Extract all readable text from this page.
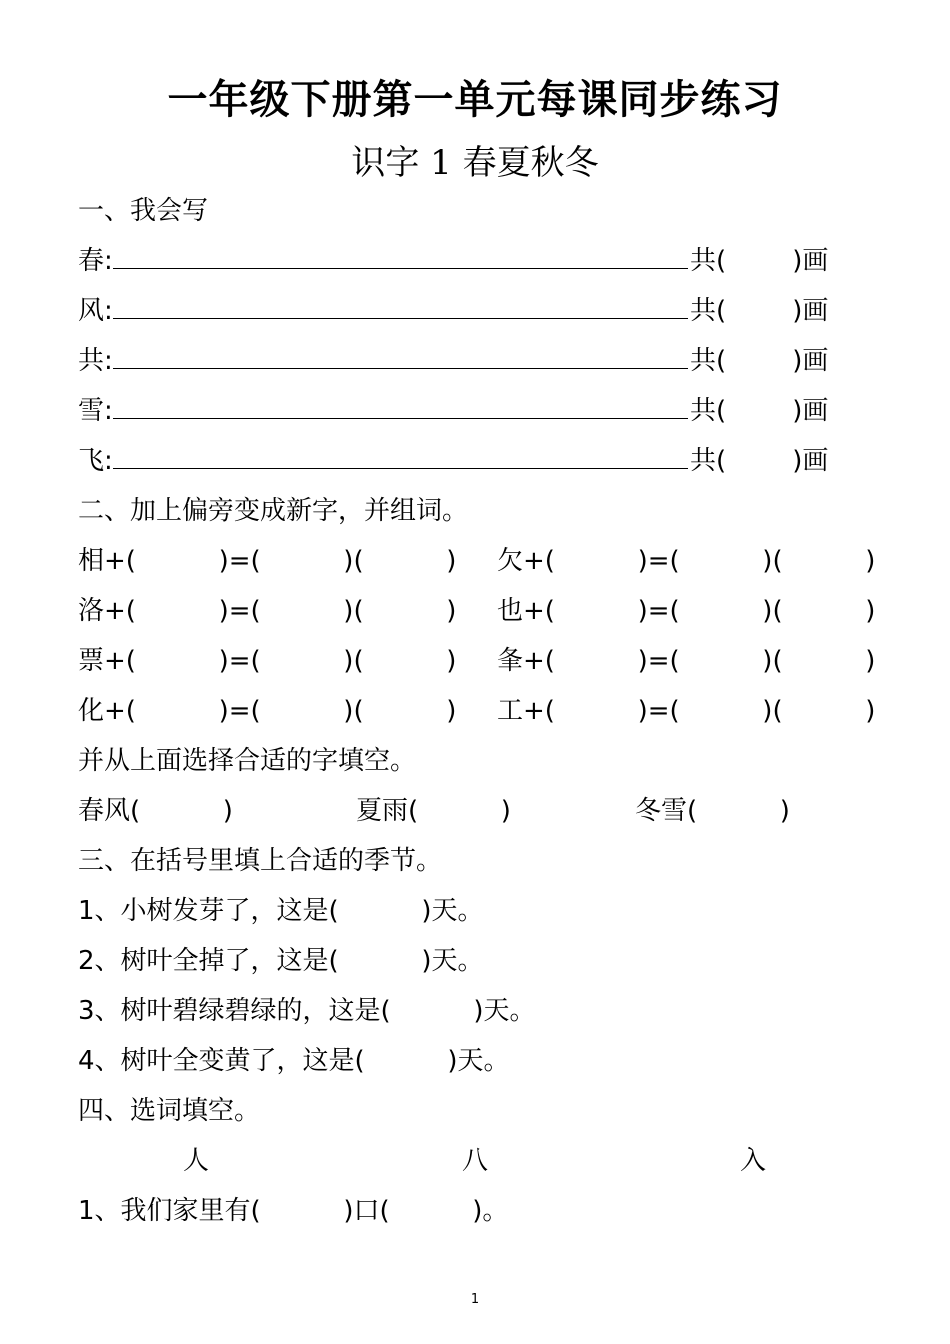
一年级下册第一单元每课同步练习
识字 1 春夏秋冬
一、我会写
春:	共(        )画
风:	共(        )画
共:	共(        )画
雪:	共(        )画
飞:	共(        )画
二、加上偏旁变成新字，并组词。
相+(          )=(          )(          ) 欠+(          )=(          )(          )
洛+(          )=(          )(          ) 也+(          )=(          )(          )
票+(          )=(          )(          ) 夆+(          )=(          )(          )
化+(          )=(          )(          ) 工+(          )=(          )(          )
并从上面选择合适的字填空。
春风(          )	夏雨(          )	冬雪(          )
三、在括号里填上合适的季节。
1、小树发芽了，这是(          )天。
2、树叶全掉了，这是(          )天。
3、树叶碧绿碧绿的，这是(          )天。
4、树叶全变黄了，这是(          )天。
四、选词填空。
人	八	入
1、我们家里有(          )口(          )。
1
